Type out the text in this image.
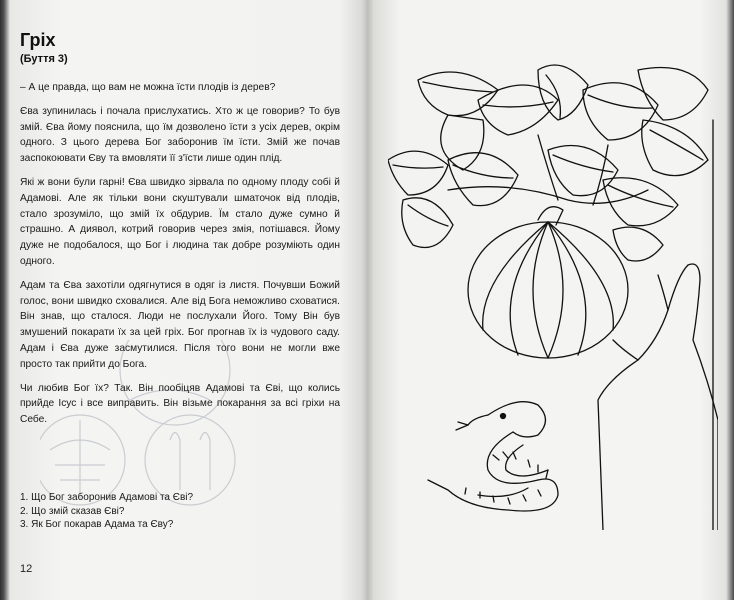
Гріх
(Буття 3)

– А це правда, що вам не можна їсти плодів із дерев?

Єва зупинилась і почала прислухатись. Хто ж це говорив? То був змій. Єва йому пояснила, що їм дозволено їсти з усіх дерев, окрім одного. З цього дерева Бог заборонив їм їсти. Змій же почав заспокоювати Єву та вмовляти її з'їсти лише один плід.

Які ж вони були гарні! Єва швидко зірвала по одному плоду собі й Адамові. Але як тільки вони скуштували шматочок від плодів, стало зрозуміло, що змій їх обдурив. Їм стало дуже сумно й страшно. А диявол, котрий говорив через змія, потішався. Йому дуже не подобалося, що Бог і людина так добре розуміють один одного.

Адам та Єва захотіли одягнутися в одяг із листя. Почувши Божий голос, вони швидко сховалися. Але від Бога неможливо сховатися. Він знав, що сталося. Люди не послухали Його. Тому Він був змушений покарати їх за цей гріх. Бог прогнав їх із чудового саду. Адам і Єва дуже засмутилися. Після того вони не могли вже просто так прийти до Бога.

Чи любив Бог їх? Так. Він пообіцяв Адамові та Єві, що колись прийде Ісус і все виправить. Він візьме покарання за всі гріхи на Себе.

1. Що Бог заборонив Адамові та Єві?
2. Що змій сказав Єві?
3. Як Бог покарав Адама та Єву?
12
